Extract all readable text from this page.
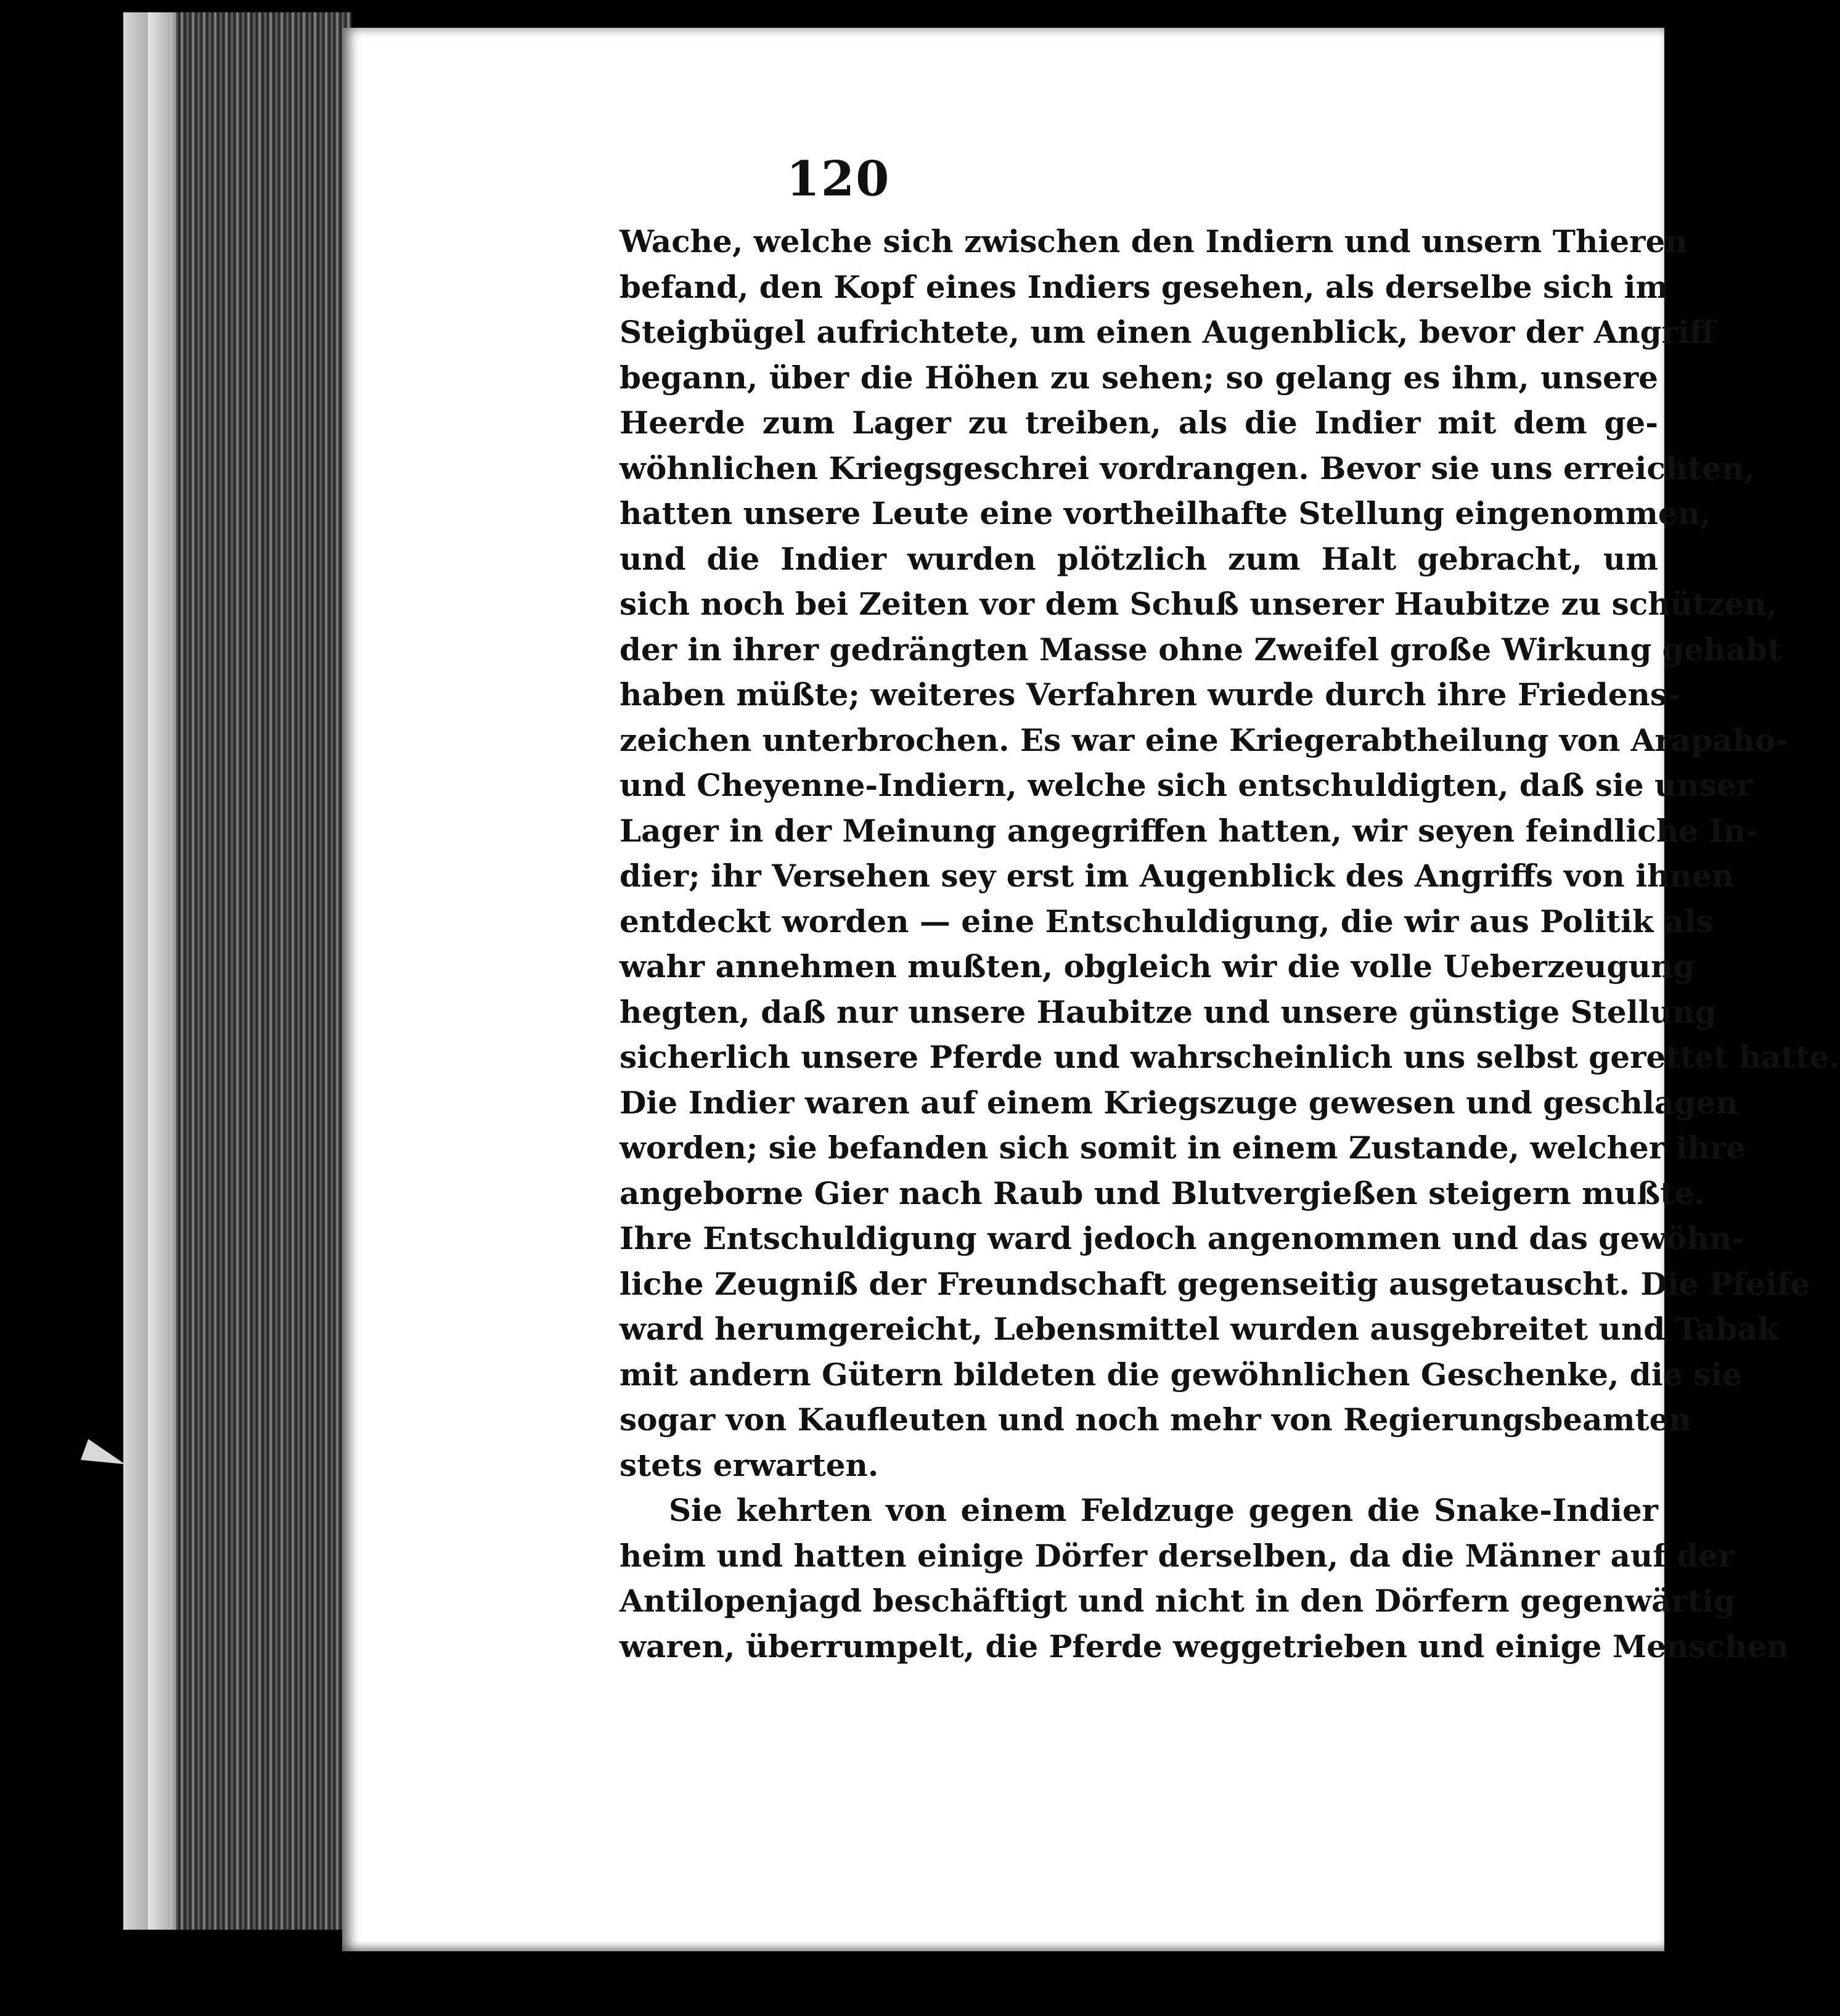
120
Wache, welche sich zwischen den Indiern und unsern Thieren
befand, den Kopf eines Indiers gesehen, als derselbe sich im
Steigbügel aufrichtete, um einen Augenblick, bevor der Angriff
begann, über die Höhen zu sehen; so gelang es ihm, unsere
Heerde zum Lager zu treiben, als die Indier mit dem ge-
wöhnlichen Kriegsgeschrei vordrangen. Bevor sie uns erreichten,
hatten unsere Leute eine vortheilhafte Stellung eingenommen,
und die Indier wurden plötzlich zum Halt gebracht, um
sich noch bei Zeiten vor dem Schuß unserer Haubitze zu schützen,
der in ihrer gedrängten Masse ohne Zweifel große Wirkung gehabt
haben müßte; weiteres Verfahren wurde durch ihre Friedens-
zeichen unterbrochen. Es war eine Kriegerabtheilung von Arapaho-
und Cheyenne-Indiern, welche sich entschuldigten, daß sie unser
Lager in der Meinung angegriffen hatten, wir seyen feindliche In-
dier; ihr Versehen sey erst im Augenblick des Angriffs von ihnen
entdeckt worden — eine Entschuldigung, die wir aus Politik als
wahr annehmen mußten, obgleich wir die volle Ueberzeugung
hegten, daß nur unsere Haubitze und unsere günstige Stellung
sicherlich unsere Pferde und wahrscheinlich uns selbst gerettet hatte.
Die Indier waren auf einem Kriegszuge gewesen und geschlagen
worden; sie befanden sich somit in einem Zustande, welcher ihre
angeborne Gier nach Raub und Blutvergießen steigern mußte.
Ihre Entschuldigung ward jedoch angenommen und das gewöhn-
liche Zeugniß der Freundschaft gegenseitig ausgetauscht. Die Pfeife
ward herumgereicht, Lebensmittel wurden ausgebreitet und Tabak
mit andern Gütern bildeten die gewöhnlichen Geschenke, die sie
sogar von Kaufleuten und noch mehr von Regierungsbeamten
stets erwarten.
Sie kehrten von einem Feldzuge gegen die Snake-Indier
heim und hatten einige Dörfer derselben, da die Männer auf der
Antilopenjagd beschäftigt und nicht in den Dörfern gegenwärtig
waren, überrumpelt, die Pferde weggetrieben und einige Menschen
